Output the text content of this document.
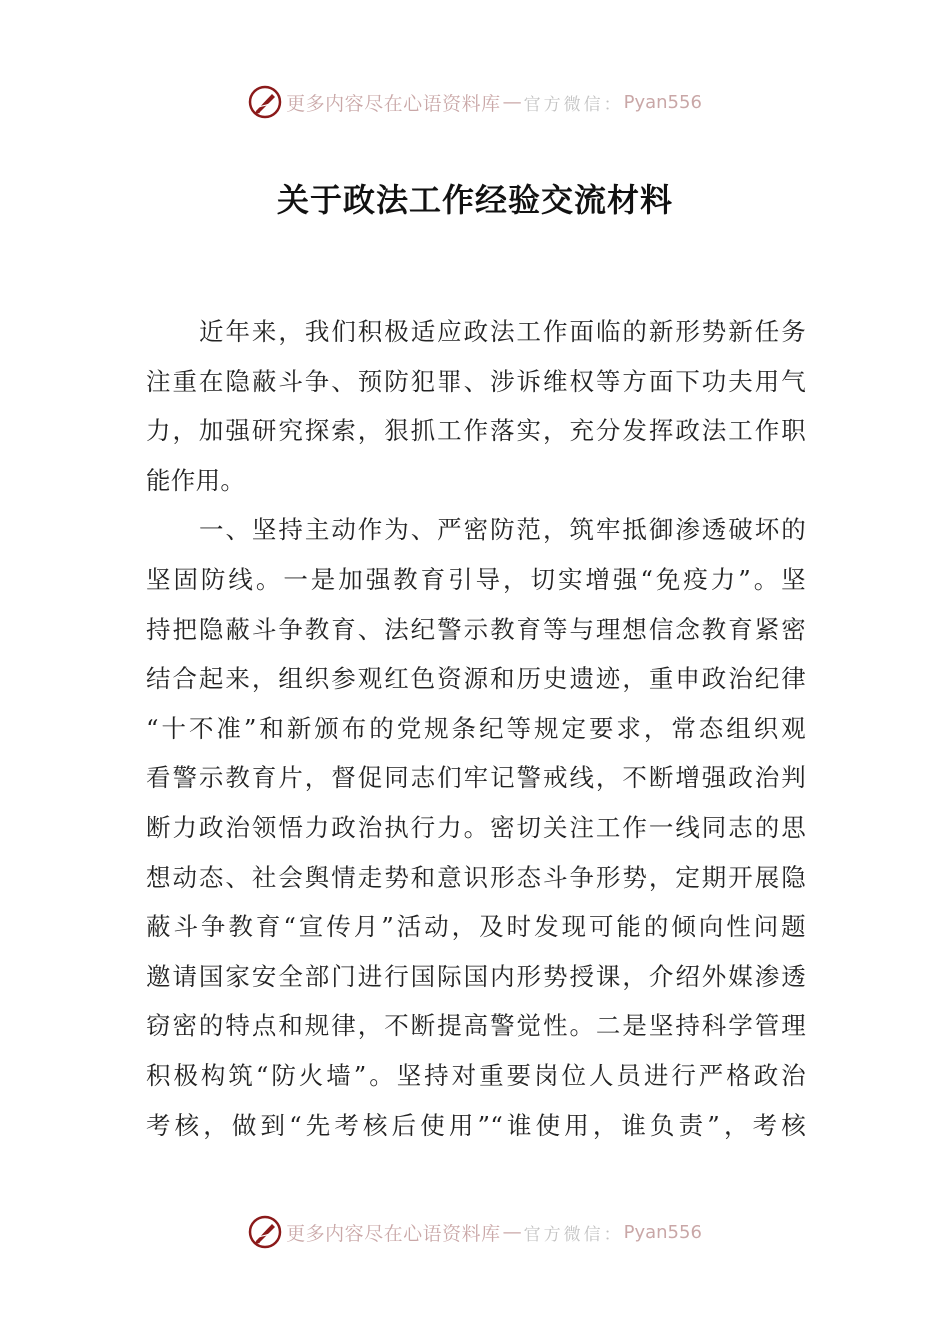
更多内容尽在心语资料库 — 官方微信： Pyan556
关于政法工作经验交流材料
近年来，我们积极适应政法工作面临的新形势新任务
注重在隐蔽斗争、预防犯罪、涉诉维权等方面下功夫用气
力，加强研究探索，狠抓工作落实，充分发挥政法工作职
能作用。
一、坚持主动作为、严密防范，筑牢抵御渗透破坏的
坚固防线。一是加强教育引导，切实增强“免疫力”。坚
持把隐蔽斗争教育、法纪警示教育等与理想信念教育紧密
结合起来，组织参观红色资源和历史遗迹，重申政治纪律
“十不准”和新颁布的党规条纪等规定要求，常态组织观
看警示教育片，督促同志们牢记警戒线，不断增强政治判
断力政治领悟力政治执行力。密切关注工作一线同志的思
想动态、社会舆情走势和意识形态斗争形势，定期开展隐
蔽斗争教育“宣传月”活动，及时发现可能的倾向性问题
邀请国家安全部门进行国际国内形势授课，介绍外媒渗透
窃密的特点和规律，不断提高警觉性。二是坚持科学管理
积极构筑“防火墙”。坚持对重要岗位人员进行严格政治
考核，做到“先考核后使用”“谁使用，谁负责”，考核
更多内容尽在心语资料库 — 官方微信： Pyan556
